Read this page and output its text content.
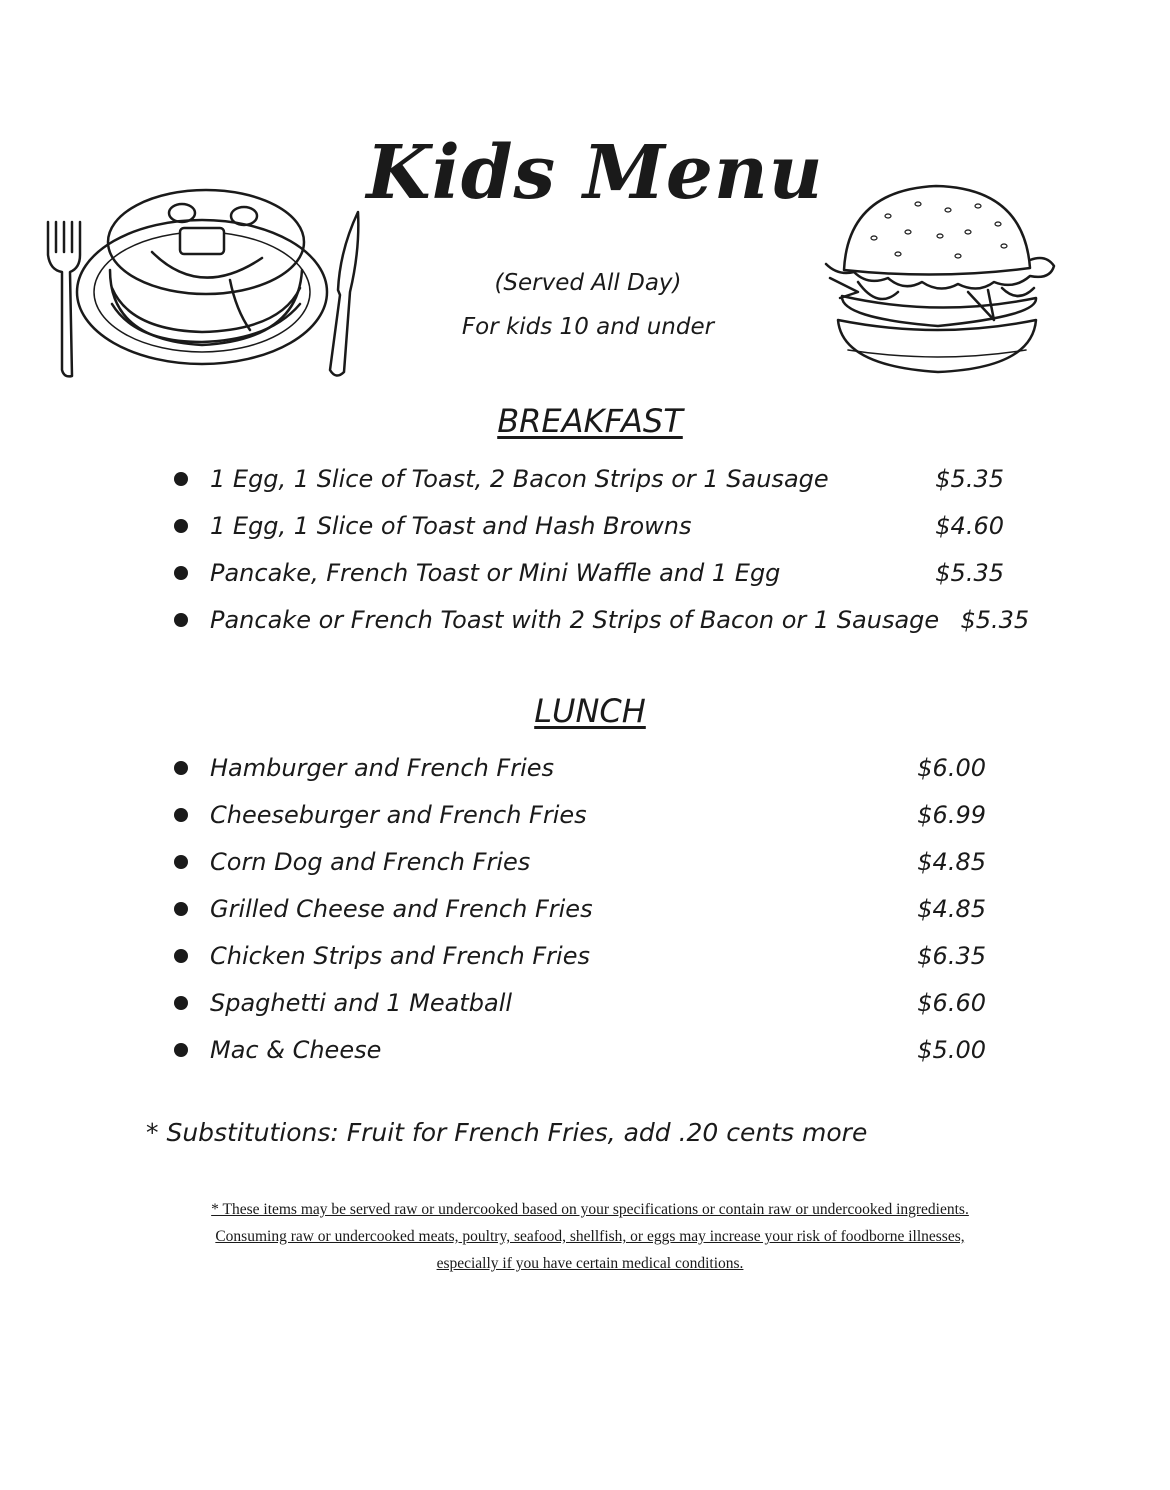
Kids Menu
(Served All Day)
For kids 10 and under
BREAKFAST
1 Egg, 1 Slice of Toast, 2 Bacon Strips or 1 Sausage	$5.35
1 Egg, 1 Slice of Toast and Hash Browns	$4.60
Pancake, French Toast or Mini Waffle and 1 Egg	$5.35
Pancake or French Toast with 2 Strips of Bacon or 1 Sausage $5.35
LUNCH
Hamburger and French Fries	$6.00
Cheeseburger and French Fries	$6.99
Corn Dog and French Fries	$4.85
Grilled Cheese and French Fries	$4.85
Chicken Strips and French Fries	$6.35
Spaghetti and 1 Meatball	$6.60
Mac & Cheese	$5.00
* Substitutions: Fruit for French Fries, add .20 cents more
* These items may be served raw or undercooked based on your specifications or contain raw or undercooked ingredients.
Consuming raw or undercooked meats, poultry, seafood, shellfish, or eggs may increase your risk of foodborne illnesses,
especially if you have certain medical conditions.
